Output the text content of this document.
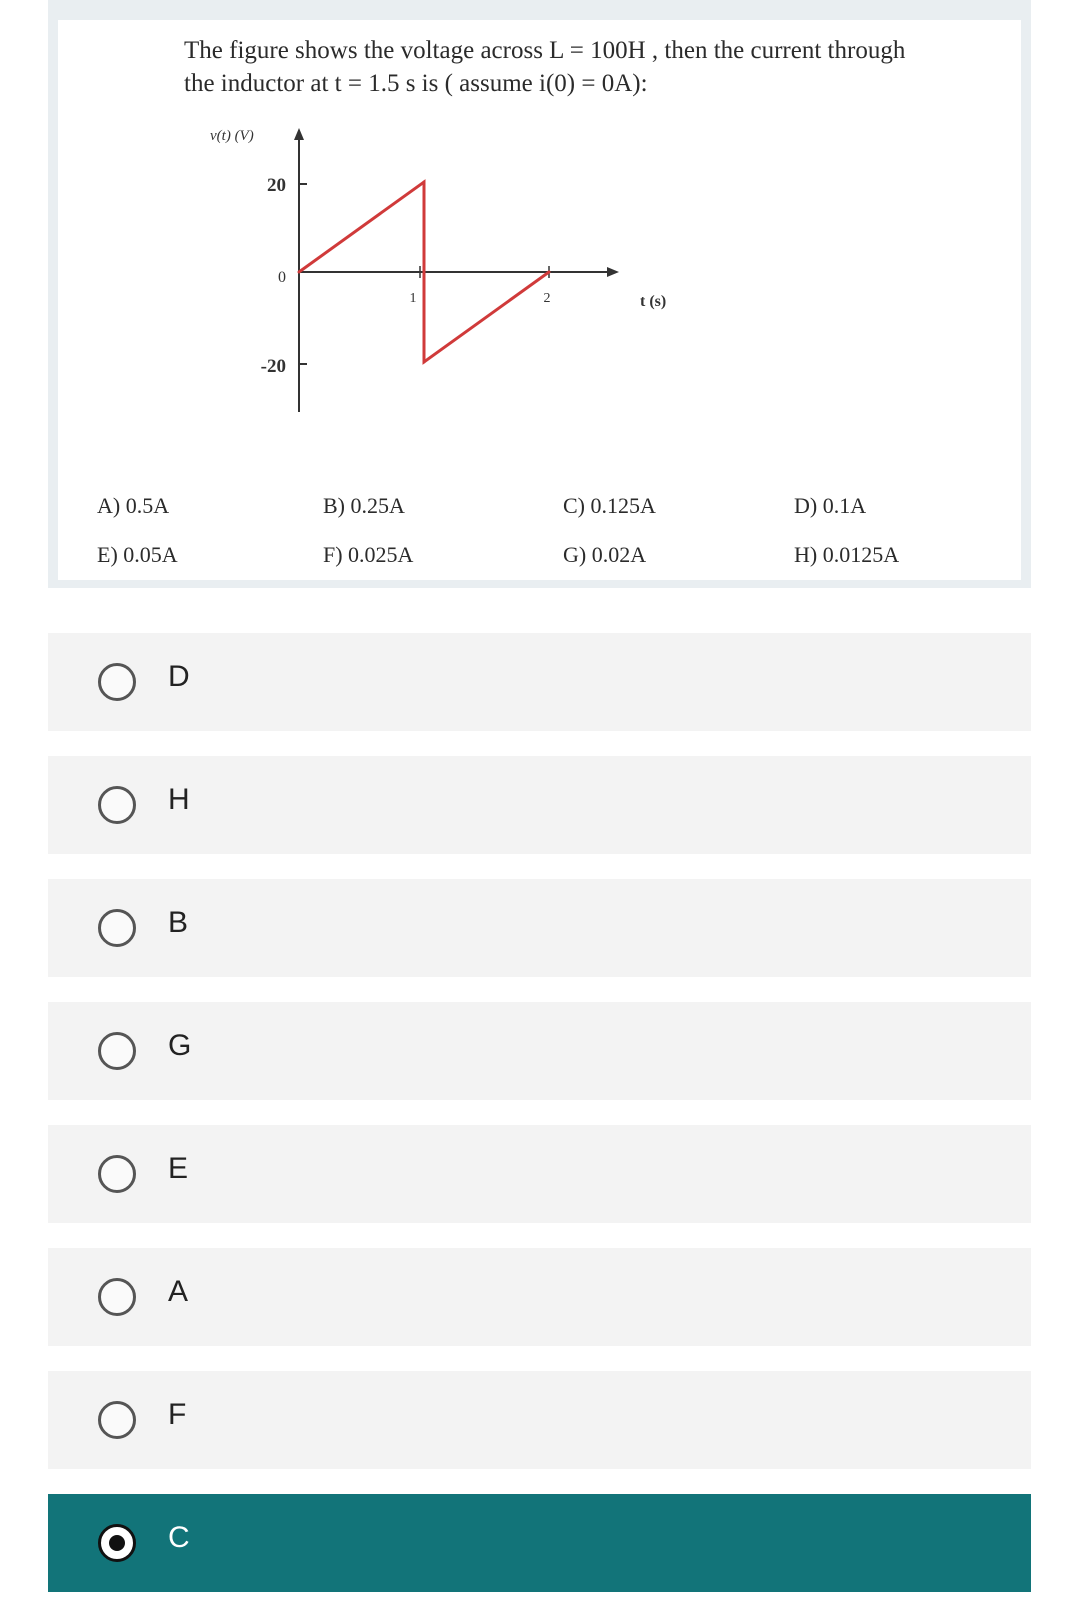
The figure shows the voltage across L = 100H , then the current through
the inductor at t = 1.5 s is ( assume i(0) = 0A):

v(t) (V)
t (s)
20
0
-20
1	2
A) 0.5A	B) 0.25A	C) 0.125A	D) 0.1A
E) 0.05A	F) 0.025A	G) 0.02A	H) 0.0125A
D
H
B
G
E
A
F
C
